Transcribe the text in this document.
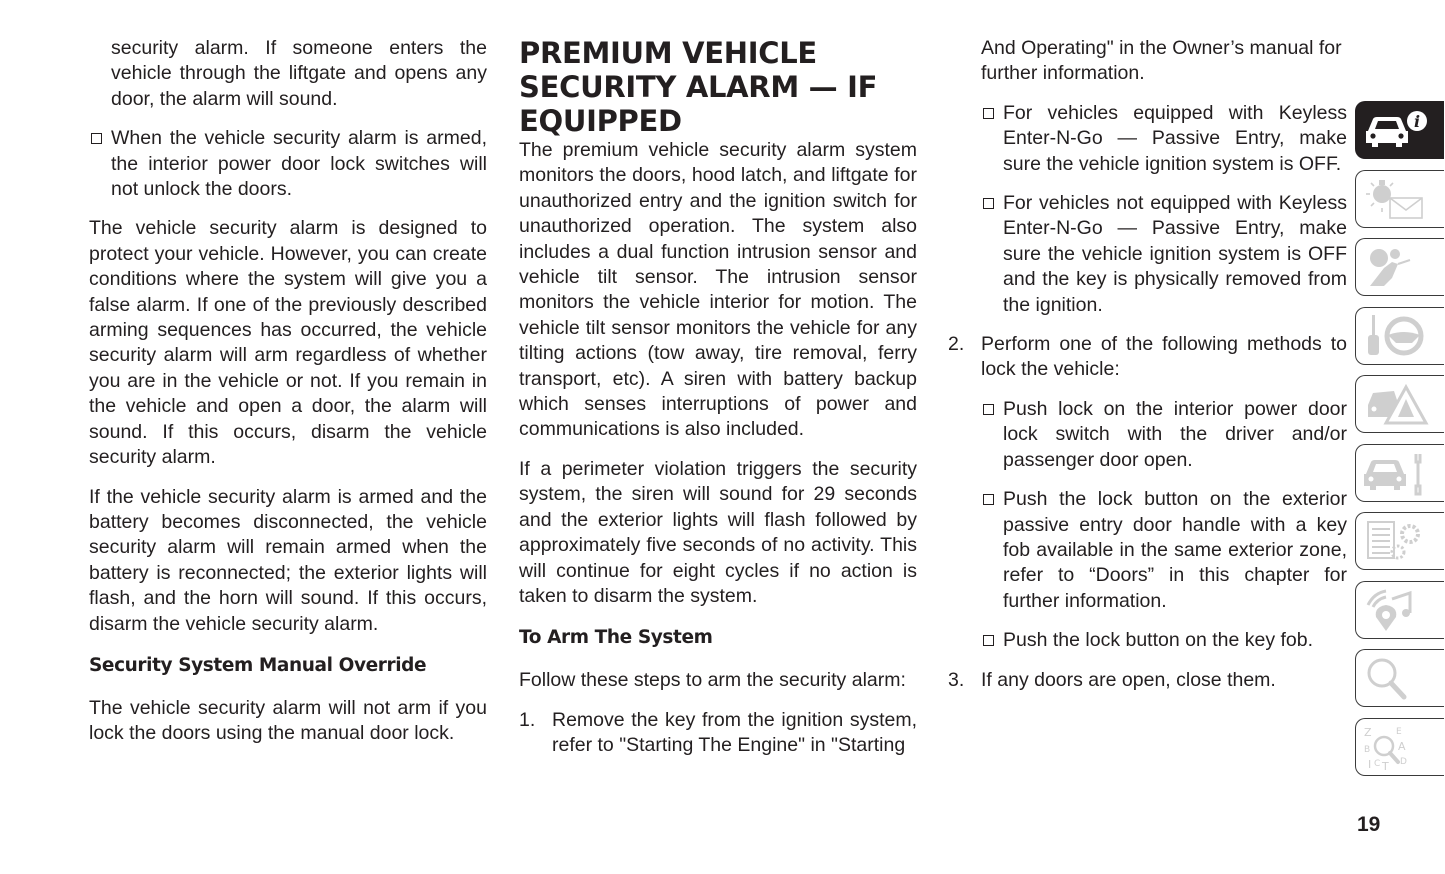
security alarm. If someone enters the vehicle through the liftgate and opens any door, the alarm will sound.

When the vehicle security alarm is armed, the interior power door lock switches will not unlock the doors.

The vehicle security alarm is designed to protect your vehicle. However, you can create conditions where the system will give you a false alarm. If one of the previously described arming sequences has occurred, the vehicle security alarm will arm regardless of whether you are in the vehicle or not. If you remain in the vehicle and open a door, the alarm will sound. If this occurs, disarm the vehicle security alarm.

If the vehicle security alarm is armed and the battery becomes disconnected, the vehicle security alarm will remain armed when the battery is reconnected; the exterior lights will flash, and the horn will sound. If this occurs, disarm the vehicle security alarm.

Security System Manual Override

The vehicle security alarm will not arm if you lock the doors using the manual door lock.

PREMIUM VEHICLE SECURITY ALARM — IF EQUIPPED

The premium vehicle security alarm system monitors the doors, hood latch, and liftgate for unauthorized entry and the ignition switch for unauthorized operation. The system also includes a dual function intrusion sensor and vehicle tilt sensor. The intrusion sensor monitors the vehicle interior for motion. The vehicle tilt sensor monitors the vehicle for any tilting actions (tow away, tire removal, ferry transport, etc). A siren with battery backup which senses interruptions of power and communications is also included.

If a perimeter violation triggers the security system, the siren will sound for 29 seconds and the exterior lights will flash followed by approximately five seconds of no activity. This will continue for eight cycles if no action is taken to disarm the system.

To Arm The System

Follow these steps to arm the security alarm:

1. Remove the key from the ignition system, refer to "Starting The Engine" in "Starting

And Operating" in the Owner’s manual for further information.

For vehicles equipped with Keyless Enter-N-Go — Passive Entry, make sure the vehicle ignition system is OFF.

For vehicles not equipped with Keyless Enter-N-Go — Passive Entry, make sure the vehicle ignition system is OFF and the key is physically removed from the ignition.

2. Perform one of the following methods to lock the vehicle:

Push lock on the interior power door lock switch with the driver and/or passenger door open.

Push the lock button on the exterior passive entry door handle with a key fob available in the same exterior zone, refer to “Doors” in this chapter for further information.

Push the lock button on the key fob.

3. If any doors are open, close them.

i
Z
B
I C T
E
A
D
19
